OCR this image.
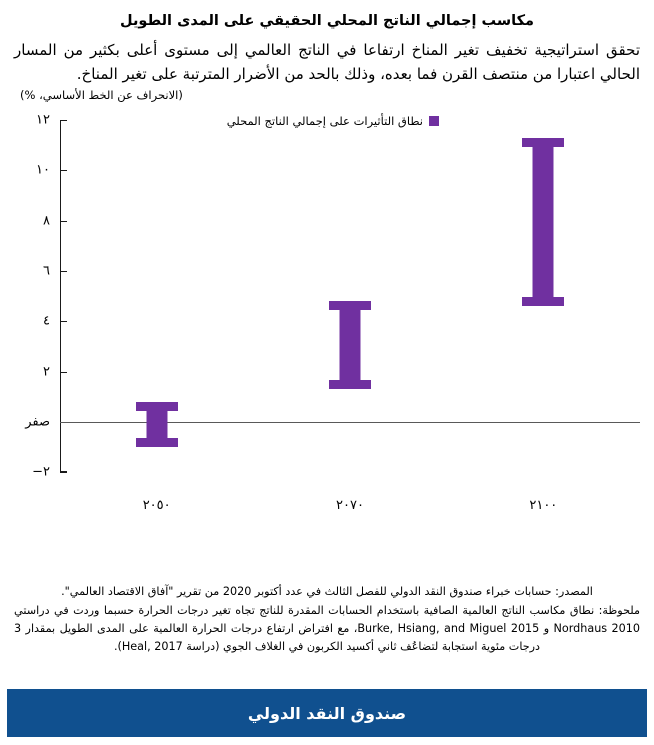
مكاسب إجمالي الناتج المحلي الحقيقي على المدى الطويل
تحقق استراتيجية تخفيف تغير المناخ ارتفاعا في الناتج العالمي إلى مستوى أعلى بكثير من المسار الحالي اعتبارا من منتصف القرن فما بعده، وذلك بالحد من الأضرار المترتبة على تغير المناخ.
(الانحراف عن الخط الأساسي، %)
نطاق التأثيرات على إجمالي الناتج المحلي
٢−
صفر
٢
٤
٦
٨
١٠
١٢
٢٠٥٠	٢٠٧٠	٢١٠٠
المصدر: حسابات خبراء صندوق النقد الدولي للفصل الثالث في عدد أكتوبر 2020 من تقرير "آفاق الاقتصاد العالمي".
ملحوظة: نطاق مكاسب الناتج العالمية الصافية باستخدام الحسابات المقدرة للناتج تجاه تغير درجات الحرارة حسبما وردت في دراستي Nordhaus 2010 و Burke, Hsiang, and Miguel 2015، مع افتراض ارتفاع درجات الحرارة العالمية على المدى الطويل بمقدار 3 درجات مئوية استجابة لتضاعُف ثاني أكسيد الكربون في الغلاف الجوي (دراسة Heal, 2017).
صندوق النقد الدولي
